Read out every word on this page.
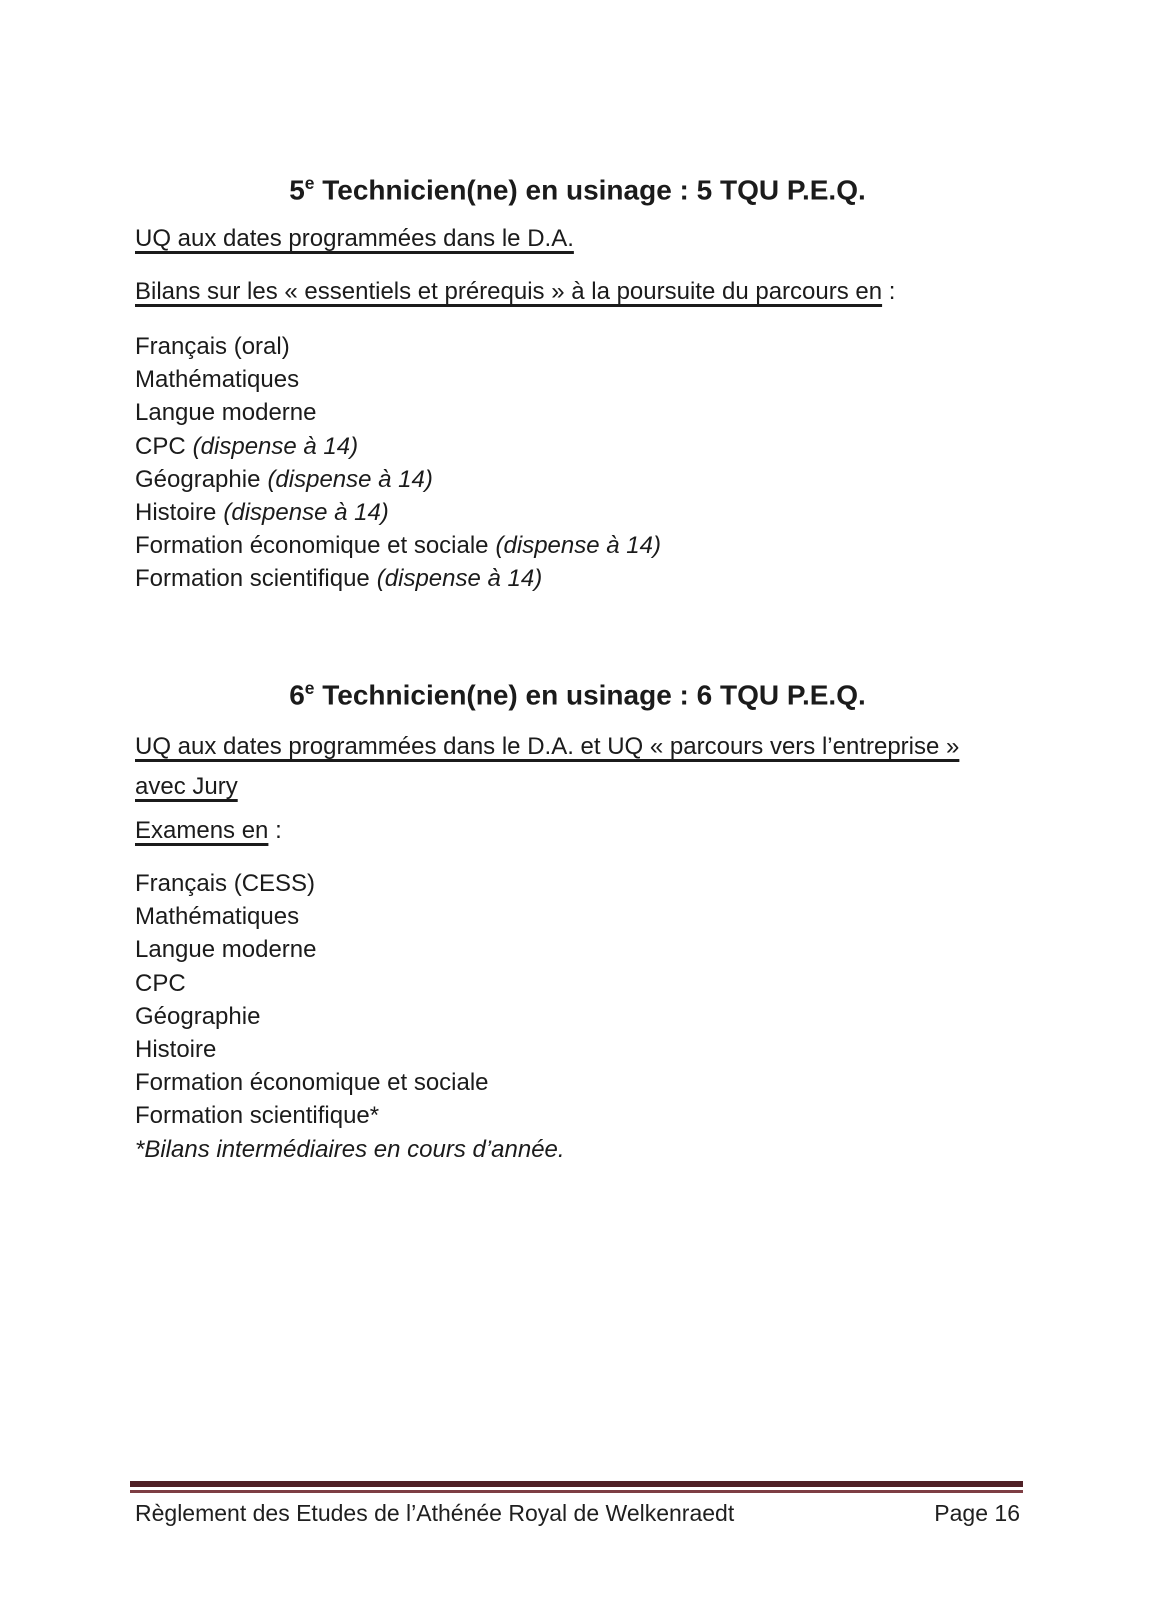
5e Technicien(ne) en usinage : 5 TQU P.E.Q.
UQ aux dates programmées dans le D.A.
Bilans sur les « essentiels et prérequis » à la poursuite du parcours en :
Français (oral)
Mathématiques
Langue moderne
CPC (dispense à 14)
Géographie (dispense à 14)
Histoire (dispense à 14)
Formation économique et sociale (dispense à 14)
Formation scientifique (dispense à 14)
6e Technicien(ne) en usinage : 6 TQU P.E.Q.
UQ aux dates programmées dans le D.A. et UQ « parcours vers l’entreprise »
avec Jury
Examens en :
Français (CESS)
Mathématiques
Langue moderne
CPC
Géographie
Histoire
Formation économique et sociale
Formation scientifique*
*Bilans intermédiaires en cours d’année.
Règlement des Etudes de l’Athénée Royal de Welkenraedt	Page 16
